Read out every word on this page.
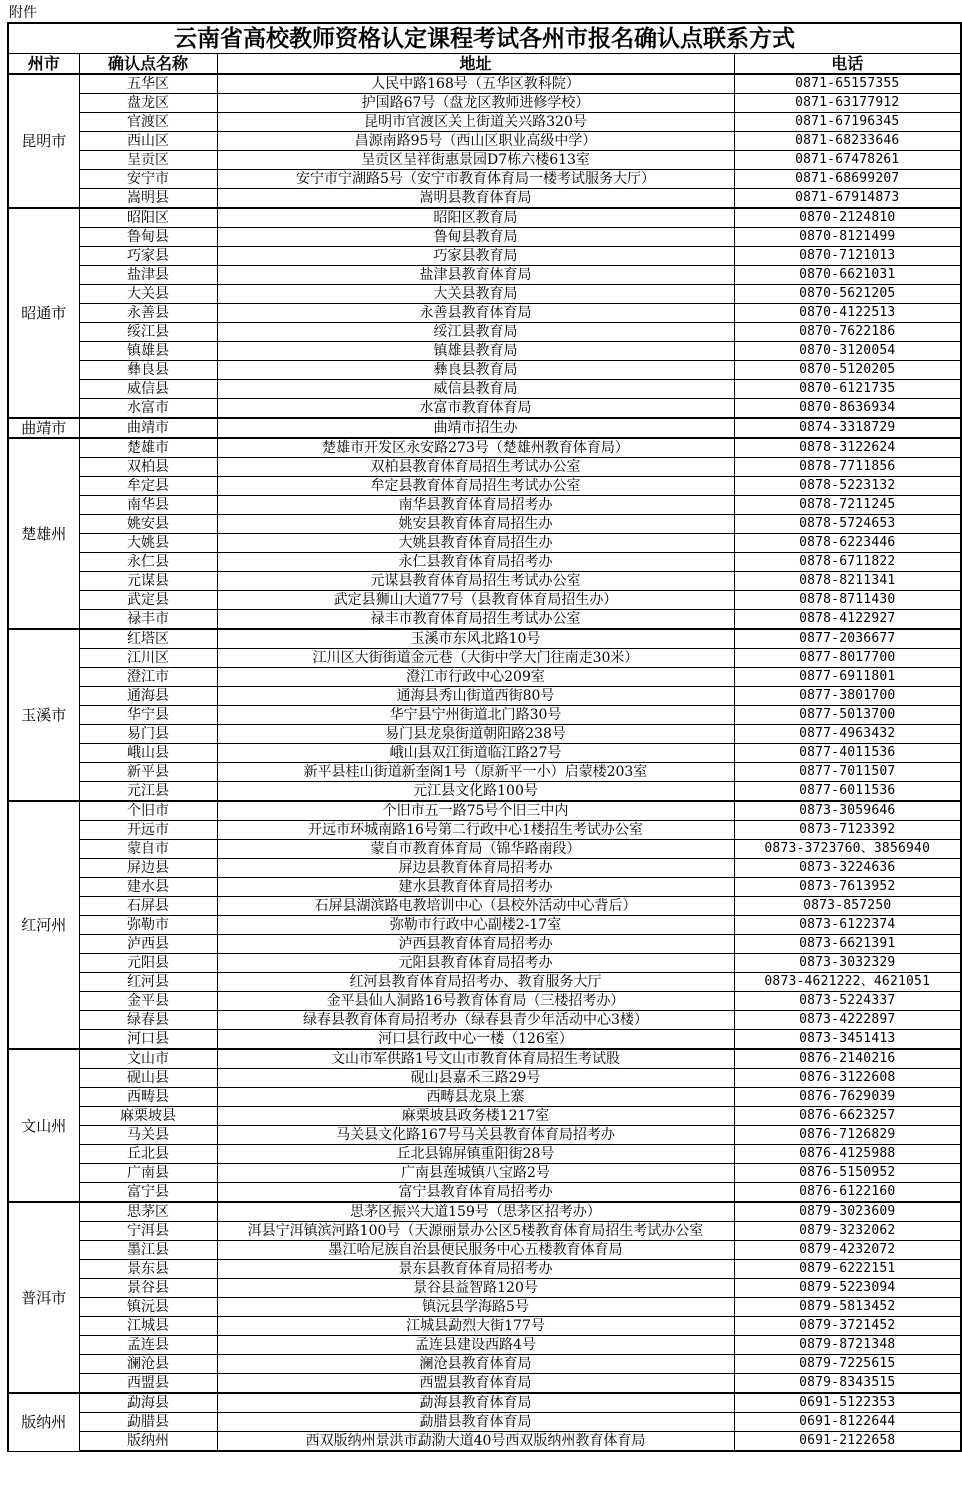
附件
云南省高校教师资格认定课程考试各州市报名确认点联系方式			
州市	确认点名称	地址	电话
昆明市	五华区	人民中路168号（五华区教科院）	0871-65157355
	盘龙区	护国路67号（盘龙区教师进修学校）	0871-63177912
	官渡区	昆明市官渡区关上街道关兴路320号	0871-67196345
	西山区	昌源南路95号（西山区职业高级中学）	0871-68233646
	呈贡区	呈贡区呈祥街惠景园D7栋六楼613室	0871-67478261
	安宁市	安宁市宁湖路5号（安宁市教育体育局一楼考试服务大厅）	0871-68699207
	嵩明县	嵩明县教育体育局	0871-67914873
昭通市	昭阳区	昭阳区教育局	0870-2124810
	鲁甸县	鲁甸县教育局	0870-8121499
	巧家县	巧家县教育局	0870-7121013
	盐津县	盐津县教育体育局	0870-6621031
	大关县	大关县教育局	0870-5621205
	永善县	永善县教育体育局	0870-4122513
	绥江县	绥江县教育局	0870-7622186
	镇雄县	镇雄县教育局	0870-3120054
	彝良县	彝良县教育局	0870-5120205
	威信县	威信县教育局	0870-6121735
	水富市	水富市教育体育局	0870-8636934
曲靖市	曲靖市	曲靖市招生办	0874-3318729
楚雄州	楚雄市	楚雄市开发区永安路273号（楚雄州教育体育局）	0878-3122624
	双柏县	双柏县教育体育局招生考试办公室	0878-7711856
	牟定县	牟定县教育体育局招生考试办公室	0878-5223132
	南华县	南华县教育体育局招考办	0878-7211245
	姚安县	姚安县教育体育局招生办	0878-5724653
	大姚县	大姚县教育体育局招生办	0878-6223446
	永仁县	永仁县教育体育局招考办	0878-6711822
	元谋县	元谋县教育体育局招生考试办公室	0878-8211341
	武定县	武定县狮山大道77号（县教育体育局招生办）	0878-8711430
	禄丰市	禄丰市教育体育局招生考试办公室	0878-4122927
玉溪市	红塔区	玉溪市东风北路10号	0877-2036677
	江川区	江川区大街街道金元巷（大街中学大门往南走30米）	0877-8017700
	澄江市	澄江市行政中心209室	0877-6911801
	通海县	通海县秀山街道西街80号	0877-3801700
	华宁县	华宁县宁州街道北门路30号	0877-5013700
	易门县	易门县龙泉街道朝阳路238号	0877-4963432
	峨山县	峨山县双江街道临江路27号	0877-4011536
	新平县	新平县桂山街道新奎阁1号（原新平一小）启蒙楼203室	0877-7011507
	元江县	元江县文化路100号	0877-6011536
红河州	个旧市	个旧市五一路75号个旧三中内	0873-3059646
	开远市	开远市环城南路16号第二行政中心1楼招生考试办公室	0873-7123392
	蒙自市	蒙自市教育体育局（锦华路南段）	0873-3723760、3856940
	屏边县	屏边县教育体育局招考办	0873-3224636
	建水县	建水县教育体育局招考办	0873-7613952
	石屏县	石屏县湖滨路电教培训中心（县校外活动中心背后）	0873-857250
	弥勒市	弥勒市行政中心副楼2-17室	0873-6122374
	泸西县	泸西县教育体育局招考办	0873-6621391
	元阳县	元阳县教育体育局招考办	0873-3032329
	红河县	红河县教育体育局招考办、教育服务大厅	0873-4621222、4621051
	金平县	金平县仙人洞路16号教育体育局（三楼招考办）	0873-5224337
	绿春县	绿春县教育体育局招考办（绿春县青少年活动中心3楼）	0873-4222897
	河口县	河口县行政中心一楼（126室）	0873-3451413
文山州	文山市	文山市军供路1号文山市教育体育局招生考试股	0876-2140216
	砚山县	砚山县嘉禾三路29号	0876-3122608
	西畴县	西畴县龙泉上寨	0876-7629039
	麻栗坡县	麻栗坡县政务楼1217室	0876-6623257
	马关县	马关县文化路167号马关县教育体育局招考办	0876-7126829
	丘北县	丘北县锦屏镇重阳街28号	0876-4125988
	广南县	广南县莲城镇八宝路2号	0876-5150952
	富宁县	富宁县教育体育局招考办	0876-6122160
普洱市	思茅区	思茅区振兴大道159号（思茅区招考办）	0879-3023609
	宁洱县	洱县宁洱镇滨河路100号（天源丽景办公区5楼教育体育局招生考试办公室	0879-3232062
	墨江县	墨江哈尼族自治县便民服务中心五楼教育体育局	0879-4232072
	景东县	景东县教育体育局招考办	0879-6222151
	景谷县	景谷县益智路120号	0879-5223094
	镇沅县	镇沅县学海路5号	0879-5813452
	江城县	江城县勐烈大街177号	0879-3721452
	孟连县	孟连县建设西路4号	0879-8721348
	澜沧县	澜沧县教育体育局	0879-7225615
	西盟县	西盟县教育体育局	0879-8343515
版纳州	勐海县	勐海县教育体育局	0691-5122353
	勐腊县	勐腊县教育体育局	0691-8122644
	版纳州	西双版纳州景洪市勐泐大道40号西双版纳州教育体育局	0691-2122658
